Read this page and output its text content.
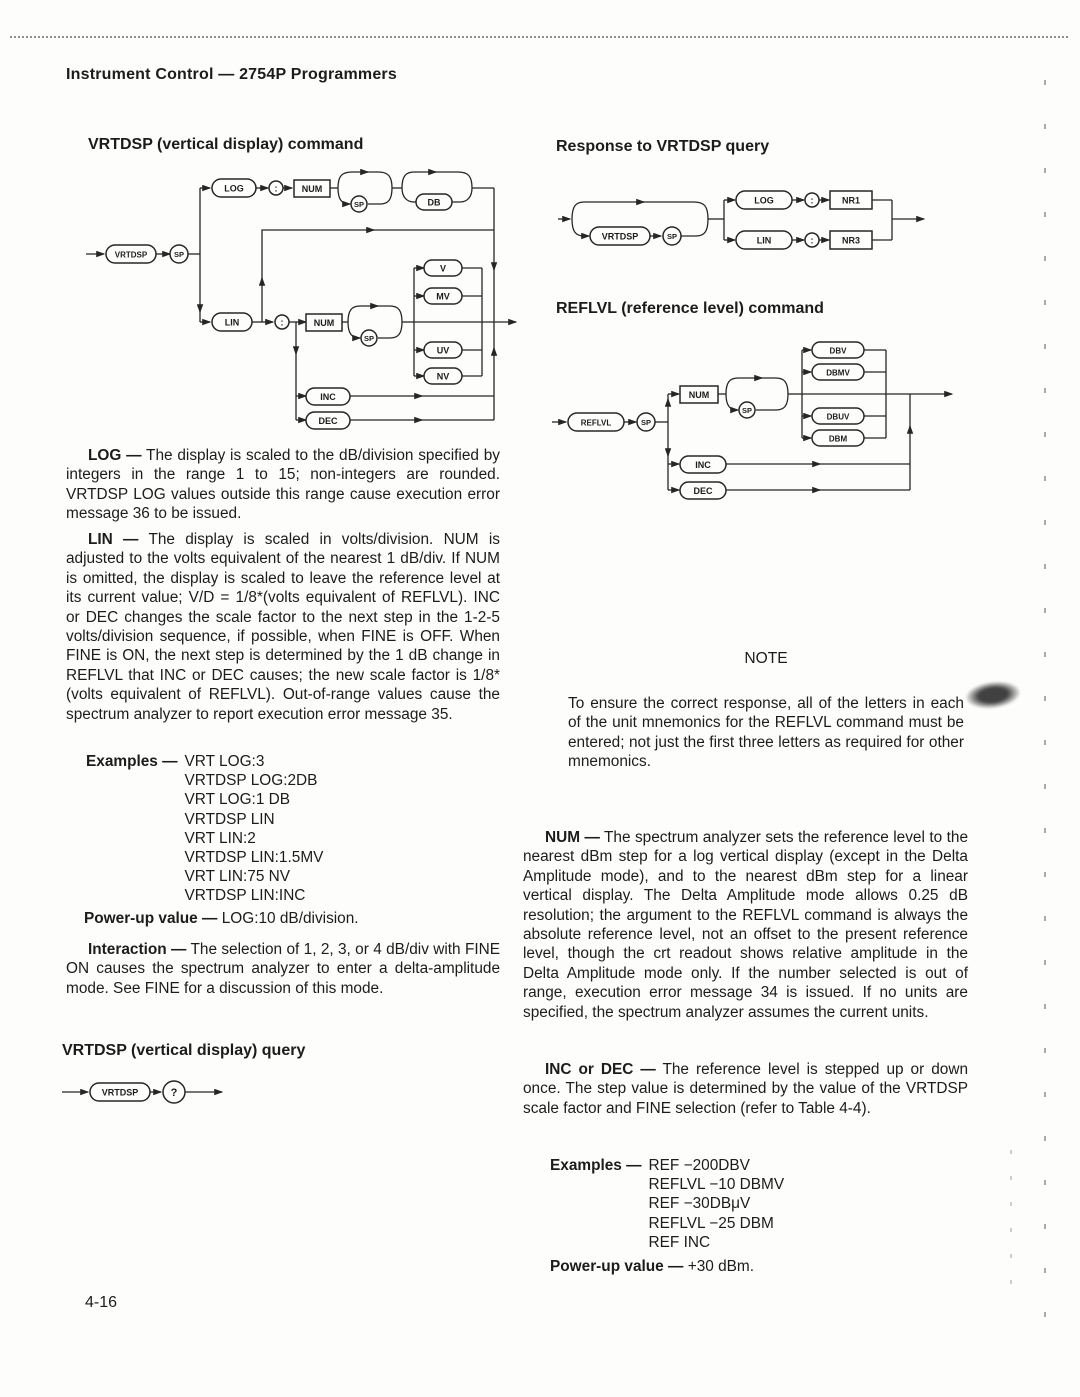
Instrument Control — 2754P Programmers
VRTDSP (vertical display) command
VRTDSP	SP
LOG	:	NUM
SP	DB
LIN	:	NUM
SP
V
MV
UV
NV
INC
DEC

LOG — The display is scaled to the dB/division specified by integers in the range 1 to 15; non-integers are rounded. VRTDSP LOG values outside this range cause execution error message 36 to be issued.

LIN — The display is scaled in volts/division. NUM is adjusted to the volts equivalent of the nearest 1 dB/div. If NUM is omitted, the display is scaled to leave the reference level at its current value; V/D = 1/8*(volts equivalent of REFLVL). INC or DEC changes the scale factor to the next step in the 1-2-5 volts/division sequence, if possible, when FINE is OFF. When FINE is ON, the next step is determined by the 1 dB change in REFLVL that INC or DEC causes; the new scale factor is 1/8*(volts equivalent of REFLVL). Out-of-range values cause the spectrum analyzer to report execution error message 35.

Examples — VRT LOG:3
VRTDSP LOG:2DB
VRT LOG:1 DB
VRTDSP LIN
VRT LIN:2
VRTDSP LIN:1.5MV
VRT LIN:75 NV
VRTDSP LIN:INC
Power-up value — LOG:10 dB/division.

Interaction — The selection of 1, 2, 3, or 4 dB/div with FINE ON causes the spectrum analyzer to enter a delta-amplitude mode. See FINE for a discussion of this mode.

VRTDSP (vertical display) query
VRTDSP	?
4-16
Response to VRTDSP query
VRTDSP	SP
LOG	:	NR1
LIN	:	NR3
REFLVL (reference level) command
REFLVL	SP
NUM
SP
DBV
DBMV
DBUV
DBM
INC
DEC
NOTE

To ensure the correct response, all of the letters in each of the unit mnemonics for the REFLVL command must be entered; not just the first three letters as required for other mnemonics.

NUM — The spectrum analyzer sets the reference level to the nearest dBm step for a log vertical display (except in the Delta Amplitude mode), and to the nearest dBm step for a linear vertical display. The Delta Amplitude mode allows 0.25 dB resolution; the argument to the REFLVL command is always the absolute reference level, not an offset to the present reference level, though the crt readout shows relative amplitude in the Delta Amplitude mode only. If the number selected is out of range, execution error message 34 is issued. If no units are specified, the spectrum analyzer assumes the current units.

INC or DEC — The reference level is stepped up or down once. The step value is determined by the value of the VRTDSP scale factor and FINE selection (refer to Table 4-4).

Examples — REF −200DBV
REFLVL −10 DBMV
REF −30DBμV
REFLVL −25 DBM
REF INC
Power-up value — +30 dBm.
